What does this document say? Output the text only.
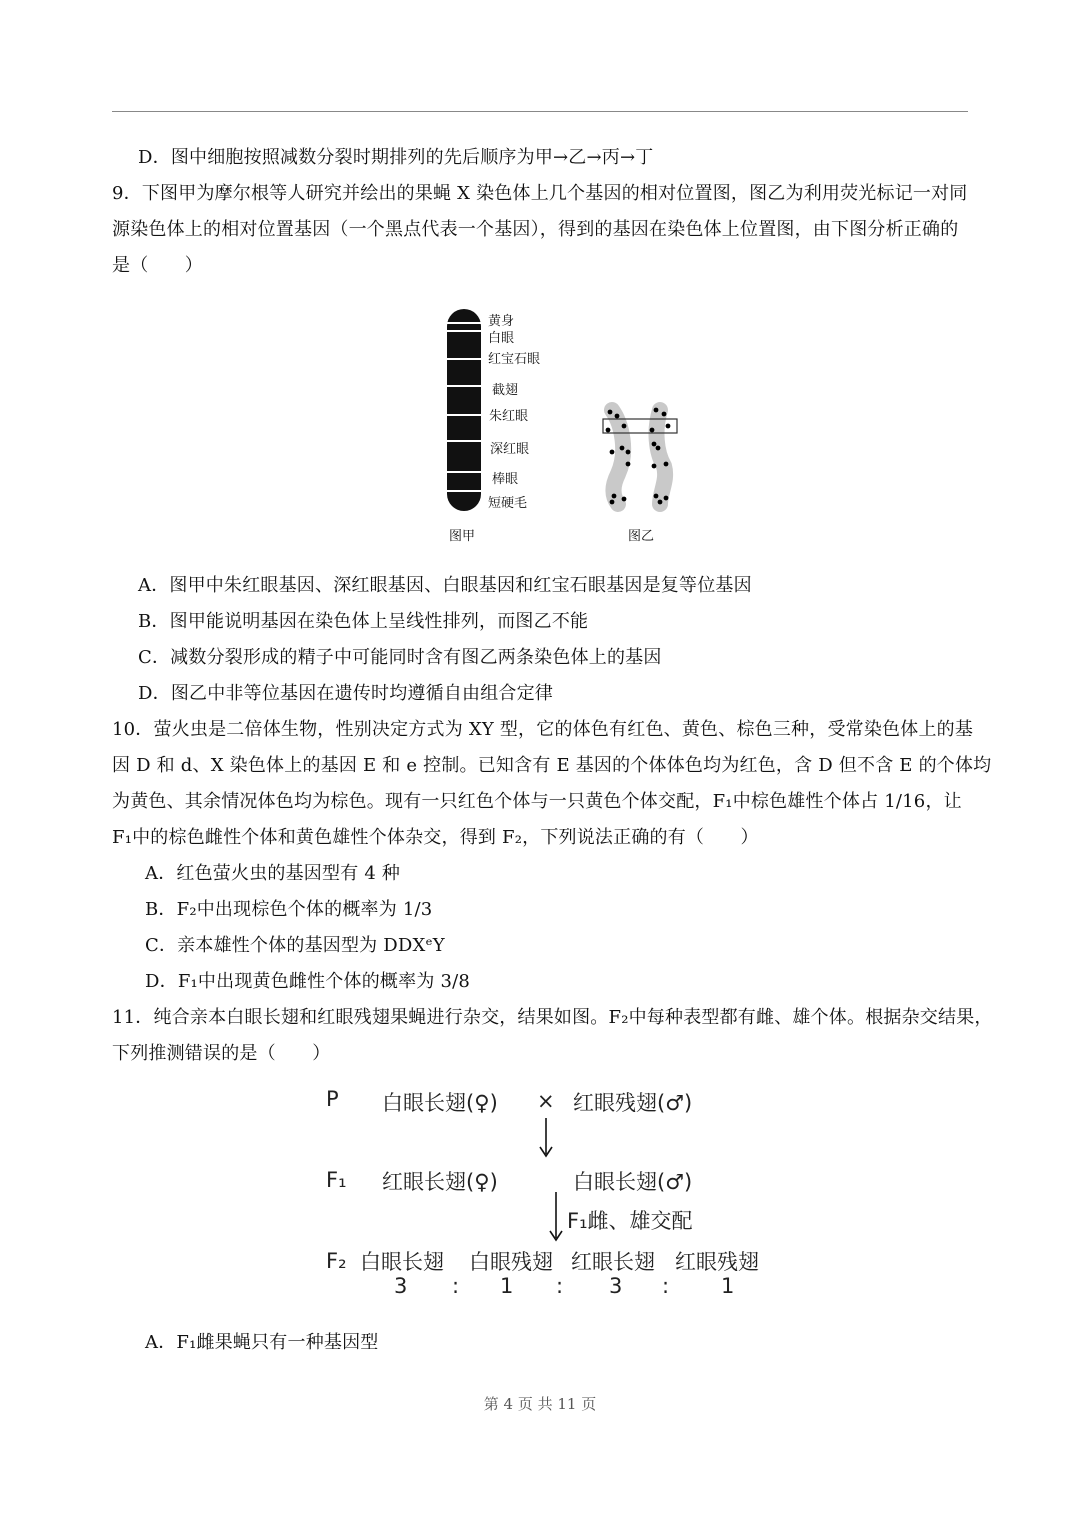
D．图中细胞按照减数分裂时期排列的先后顺序为甲→乙→丙→丁
9．下图甲为摩尔根等人研究并绘出的果蝇 X 染色体上几个基因的相对位置图，图乙为利用荧光标记一对同
源染色体上的相对位置基因（一个黑点代表一个基因），得到的基因在染色体上位置图，由下图分析正确的
是（　　）
黄身
白眼
红宝石眼
截翅
朱红眼
深红眼
棒眼
短硬毛
图甲	图乙
A．图甲中朱红眼基因、深红眼基因、白眼基因和红宝石眼基因是复等位基因
B．图甲能说明基因在染色体上呈线性排列，而图乙不能
C．减数分裂形成的精子中可能同时含有图乙两条染色体上的基因
D．图乙中非等位基因在遗传时均遵循自由组合定律
10．萤火虫是二倍体生物，性别决定方式为 XY 型，它的体色有红色、黄色、棕色三种，受常染色体上的基
因 D 和 d、X 染色体上的基因 E 和 e 控制。已知含有 E 基因的个体体色均为红色，含 D 但不含 E 的个体均
为黄色、其余情况体色均为棕色。现有一只红色个体与一只黄色个体交配，F₁中棕色雄性个体占 1/16，让
F₁中的棕色雌性个体和黄色雄性个体杂交，得到 F₂，下列说法正确的有（　　）
A．红色萤火虫的基因型有 4 种
B．F₂中出现棕色个体的概率为 1/3
C．亲本雄性个体的基因型为 DDXᵉY
D．F₁中出现黄色雌性个体的概率为 3/8
11．纯合亲本白眼长翅和红眼残翅果蝇进行杂交，结果如图。F₂中每种表型都有雌、雄个体。根据杂交结果，
下列推测错误的是（　　）
P 白眼长翅(♀) × 红眼残翅(♂)
F₁ 红眼长翅(♀)	白眼长翅(♂)
F₁雌、雄交配
F₂ 白眼长翅 白眼残翅 红眼长翅 红眼残翅
3 : 1 : 3 : 1
A．F₁雌果蝇只有一种基因型
第 4 页 共 11 页
